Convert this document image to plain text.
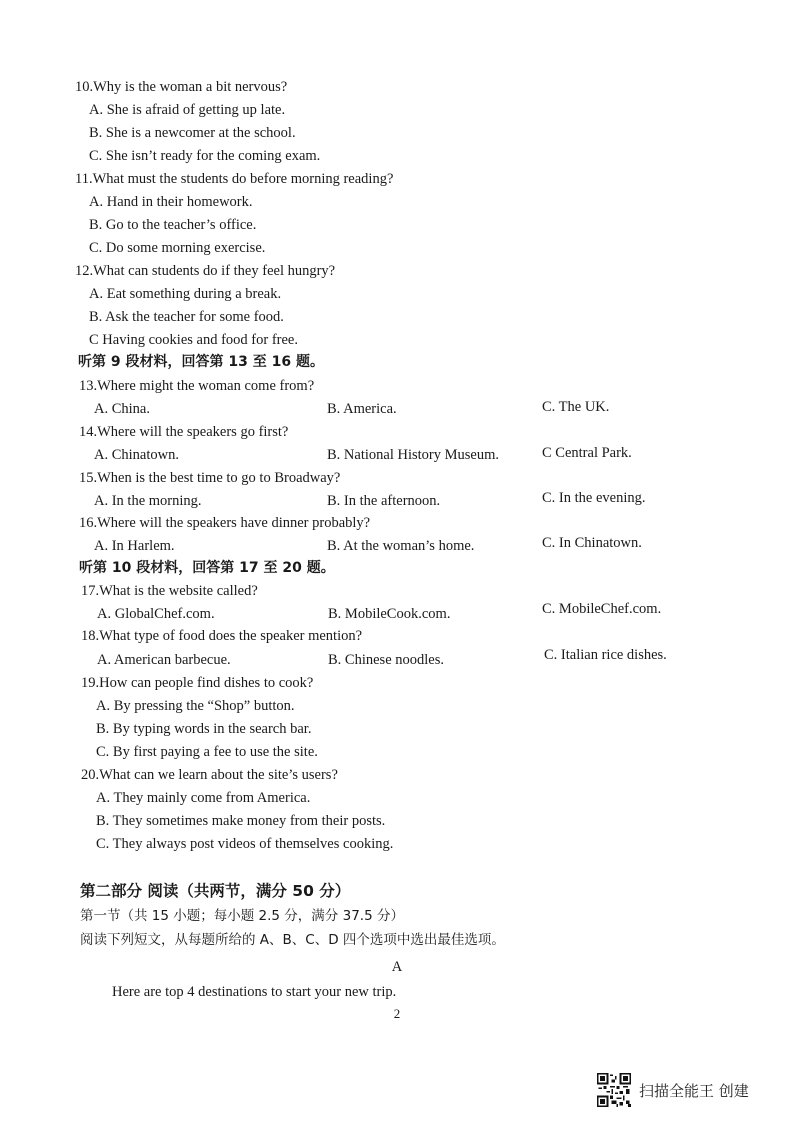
10.Why is the woman a bit nervous?
A. She is afraid of getting up late.
B. She is a newcomer at the school.
C. She isn’t ready for the coming exam.
11.What must the students do before morning reading?
A. Hand in their homework.
B. Go to the teacher’s office.
C. Do some morning exercise.
12.What can students do if they feel hungry?
A. Eat something during a break.
B. Ask the teacher for some food.
C Having cookies and food for free.
听第 9 段材料，回答第 13 至 16 题。
13.Where might the woman come from?
A. China.	B. America.	C. The UK.
14.Where will the speakers go first?
A. Chinatown.	B. National History Museum.	C Central Park.
15.When is the best time to go to Broadway?
A. In the morning.	B. In the afternoon.	C. In the evening.
16.Where will the speakers have dinner probably?
A. In Harlem.	B. At the woman’s home.	C. In Chinatown.
听第 10 段材料，回答第 17 至 20 题。
17.What is the website called?
A. GlobalChef.com.	B. MobileCook.com.	C. MobileChef.com.
18.What type of food does the speaker mention?
A. American barbecue.	B. Chinese noodles.	C. Italian rice dishes.
19.How can people find dishes to cook?
A. By pressing the “Shop” button.
B. By typing words in the search bar.
C. By first paying a fee to use the site.
20.What can we learn about the site’s users?
A. They mainly come from America.
B. They sometimes make money from their posts.
C. They always post videos of themselves cooking.
第二部分 阅读（共两节，满分 50 分）
第一节（共 15 小题；每小题 2.5 分，满分 37.5 分）
阅读下列短文，从每题所给的 A、B、C、D 四个选项中选出最佳选项。
A
Here are top 4 destinations to start your new trip.
2
扫描全能王 创建
